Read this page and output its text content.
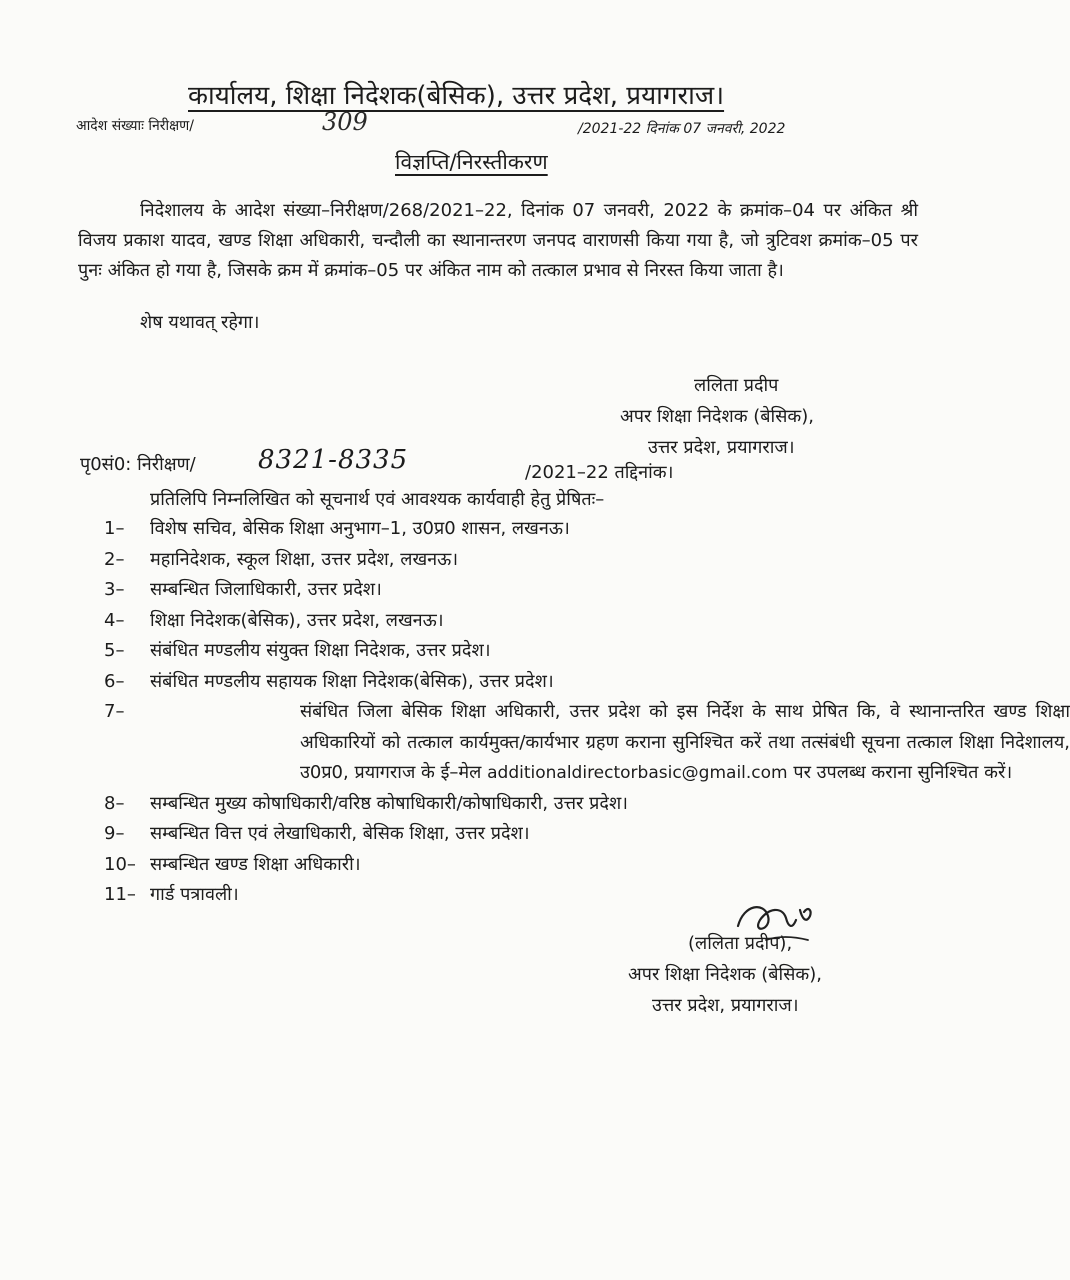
कार्यालय, शिक्षा निदेशक(बेसिक), उत्तर प्रदेश, प्रयागराज।
आदेश संख्याः निरीक्षण/	309	/2021-22 दिनांक 07 जनवरी, 2022
विज्ञप्ति/निरस्तीकरण

निदेशालय के आदेश संख्या–निरीक्षण/268/2021–22, दिनांक 07 जनवरी, 2022 के क्रमांक–04 पर अंकित श्री विजय प्रकाश यादव, खण्ड शिक्षा अधिकारी, चन्दौली का स्थानान्तरण जनपद वाराणसी किया गया है, जो त्रुटिवश क्रमांक–05 पर पुनः अंकित हो गया है, जिसके क्रम में क्रमांक–05 पर अंकित नाम को तत्काल प्रभाव से निरस्त किया जाता है।

शेष यथावत् रहेगा।
ललिता प्रदीप
अपर शिक्षा निदेशक (बेसिक),
उत्तर प्रदेश, प्रयागराज।
पृ0सं0: निरीक्षण/ 8321-8335	/2021–22 तद्दिनांक।
प्रतिलिपि निम्नलिखित को सूचनार्थ एवं आवश्यक कार्यवाही हेतु प्रेषितः–
1– विशेष सचिव, बेसिक शिक्षा अनुभाग–1, उ0प्र0 शासन, लखनऊ।
2– महानिदेशक, स्कूल शिक्षा, उत्तर प्रदेश, लखनऊ।
3– सम्बन्धित जिलाधिकारी, उत्तर प्रदेश।
4– शिक्षा निदेशक(बेसिक), उत्तर प्रदेश, लखनऊ।
5– संबंधित मण्डलीय संयुक्त शिक्षा निदेशक, उत्तर प्रदेश।
6– संबंधित मण्डलीय सहायक शिक्षा निदेशक(बेसिक), उत्तर प्रदेश।
7–	संबंधित जिला बेसिक शिक्षा अधिकारी, उत्तर प्रदेश को इस निर्देश के साथ प्रेषित कि, वे स्थानान्तरित खण्ड शिक्षा अधिकारियों को तत्काल कार्यमुक्त/कार्यभार ग्रहण कराना सुनिश्चित करें तथा तत्संबंधी सूचना तत्काल शिक्षा निदेशालय, उ0प्र0, प्रयागराज के ई–मेल additionaldirectorbasic@gmail.com पर उपलब्ध कराना सुनिश्चित करें।
8– सम्बन्धित मुख्य कोषाधिकारी/वरिष्ठ कोषाधिकारी/कोषाधिकारी, उत्तर प्रदेश।
9– सम्बन्धित वित्त एवं लेखाधिकारी, बेसिक शिक्षा, उत्तर प्रदेश।
10– सम्बन्धित खण्ड शिक्षा अधिकारी।
11– गार्ड पत्रावली।
(ललिता प्रदीप),
अपर शिक्षा निदेशक (बेसिक),
उत्तर प्रदेश, प्रयागराज।
